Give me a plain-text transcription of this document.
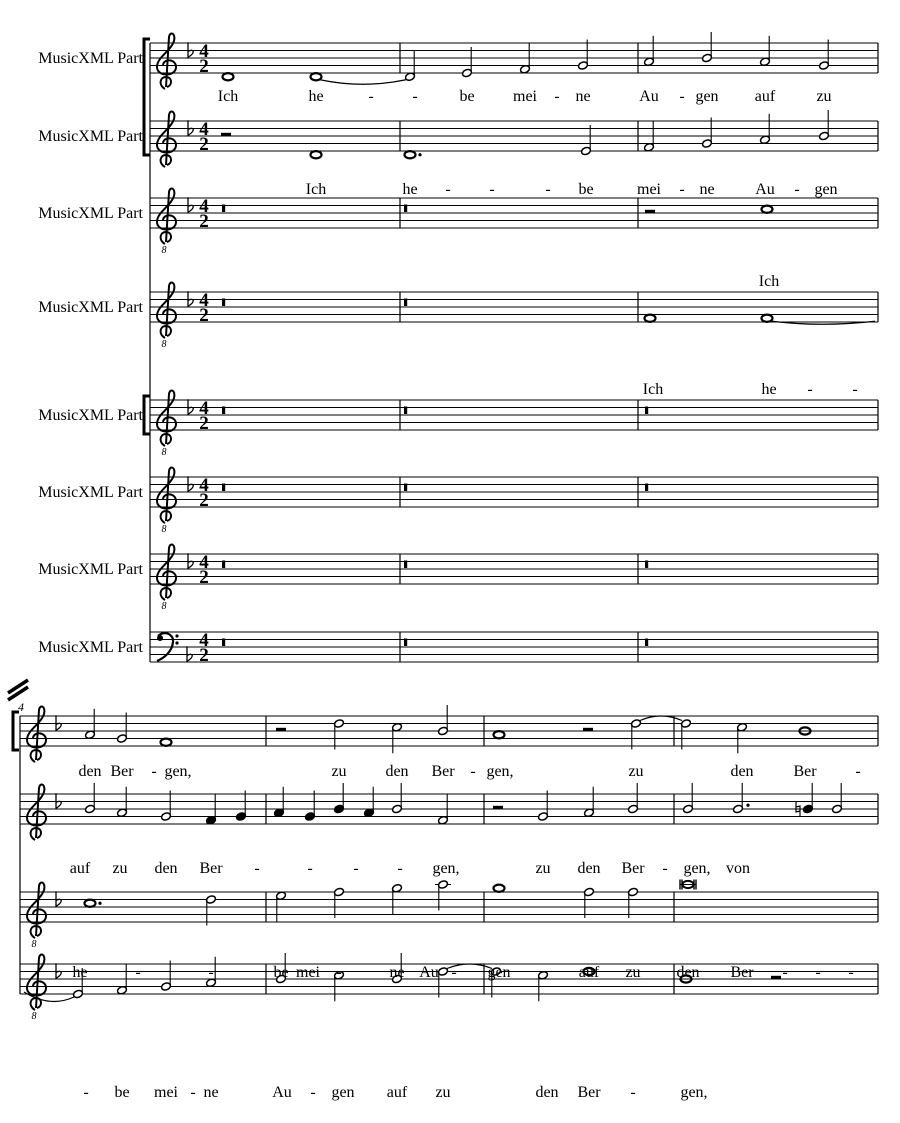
MusicXML Part	4
2
MusicXML Part	4
2
MusicXML Part
8
4
2
MusicXML Part
8
4
2
MusicXML Part
8
4
2
MusicXML Part
8
4
2
MusicXML Part
8
4
2
MusicXML Part	4
2
Ich	he	- -	be mei - ne	Au - gen auf	zu
Ich	he - -	- be	mei - ne	Au - gen
Ich
Ich	he - -
4
8
8
den Ber - gen,	zu den Ber - gen,	zu	den Ber -
auf zu den Ber -	-	- - gen,	zu den Ber - gen, von
he	-	-	be mei -	ne Au - gen	auf zu den Ber - - -
- be mei - ne	Au - gen auf zu	den Ber -	gen,
